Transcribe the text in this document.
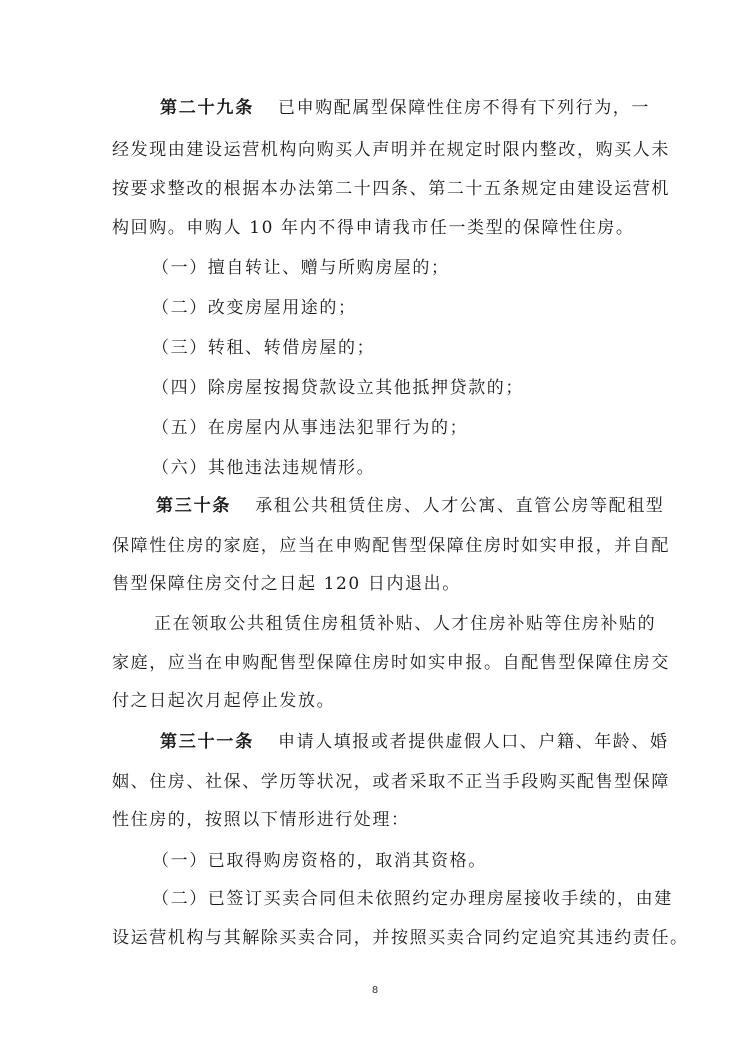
第二十九条 已申购配属型保障性住房不得有下列行为，一
经发现由建设运营机构向购买人声明并在规定时限内整改，购买人未
按要求整改的根据本办法第二十四条、第二十五条规定由建设运营机
构回购。申购人 10 年内不得申请我市任一类型的保障性住房。
（一）擅自转让、赠与所购房屋的；
（二）改变房屋用途的；
（三）转租、转借房屋的；
（四）除房屋按揭贷款设立其他抵押贷款的；
（五）在房屋内从事违法犯罪行为的；
（六）其他违法违规情形。
第三十条 承租公共租赁住房、人才公寓、直管公房等配租型
保障性住房的家庭，应当在申购配售型保障住房时如实申报，并自配
售型保障住房交付之日起 120 日内退出。
正在领取公共租赁住房租赁补贴、人才住房补贴等住房补贴的
家庭，应当在申购配售型保障住房时如实申报。自配售型保障住房交
付之日起次月起停止发放。
第三十一条 申请人填报或者提供虚假人口、户籍、年龄、婚
姻、住房、社保、学历等状况，或者采取不正当手段购买配售型保障
性住房的，按照以下情形进行处理：
（一）已取得购房资格的，取消其资格。
（二）已签订买卖合同但未依照约定办理房屋接收手续的，由建
设运营机构与其解除买卖合同，并按照买卖合同约定追究其违约责任。
8
